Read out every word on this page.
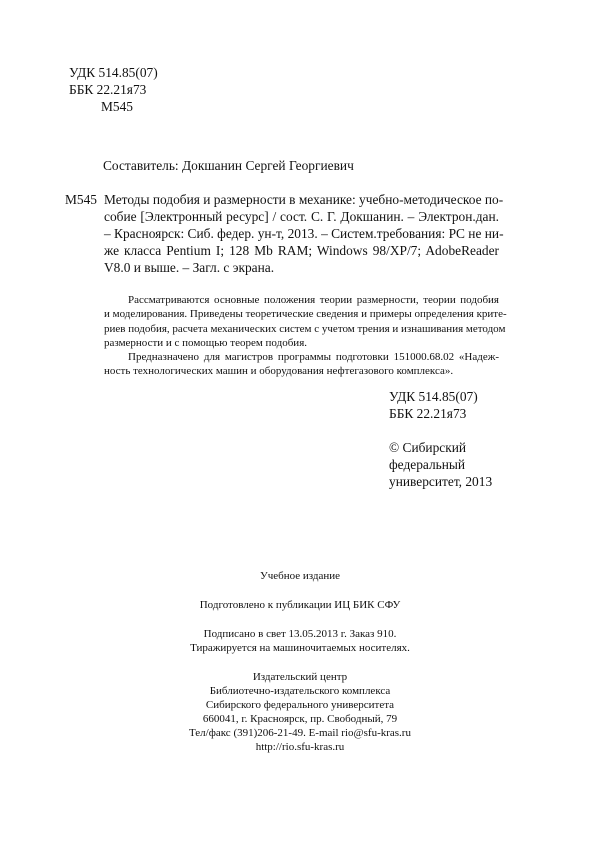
УДК 514.85(07)
ББК 22.21я73
М545
Составитель: Докшанин Сергей Георгиевич
М545 Методы подобия и размерности в механике: учебно-методическое по-
собие [Электронный ресурс] / сост. С. Г. Докшанин. – Электрон.дан.
– Красноярск: Сиб. федер. ун-т, 2013. – Систем.требования: PC не ни-
же класса Pentium I; 128 Mb RAM; Windows 98/XP/7; AdobeReader
V8.0 и выше. – Загл. с экрана.
Рассматриваются основные положения теории размерности, теории подобия
и моделирования. Приведены теоретические сведения и примеры определения крите-
риев подобия, расчета механических систем с учетом трения и изнашивания методом
размерности и с помощью теорем подобия.
Предназначено для магистров программы подготовки 151000.68.02 «Надеж-
ность технологических машин и оборудования нефтегазового комплекса».
УДК 514.85(07)
ББК 22.21я73
© Сибирский
федеральный
университет, 2013
Учебное издание
Подготовлено к публикации ИЦ БИК СФУ
Подписано в свет 13.05.2013 г. Заказ 910.
Тиражируется на машиночитаемых носителях.
Издательский центр
Библиотечно-издательского комплекса
Сибирского федерального университета
660041, г. Красноярск, пр. Свободный, 79
Тел/факс (391)206-21-49. E-mail rio@sfu-kras.ru
http://rio.sfu-kras.ru
